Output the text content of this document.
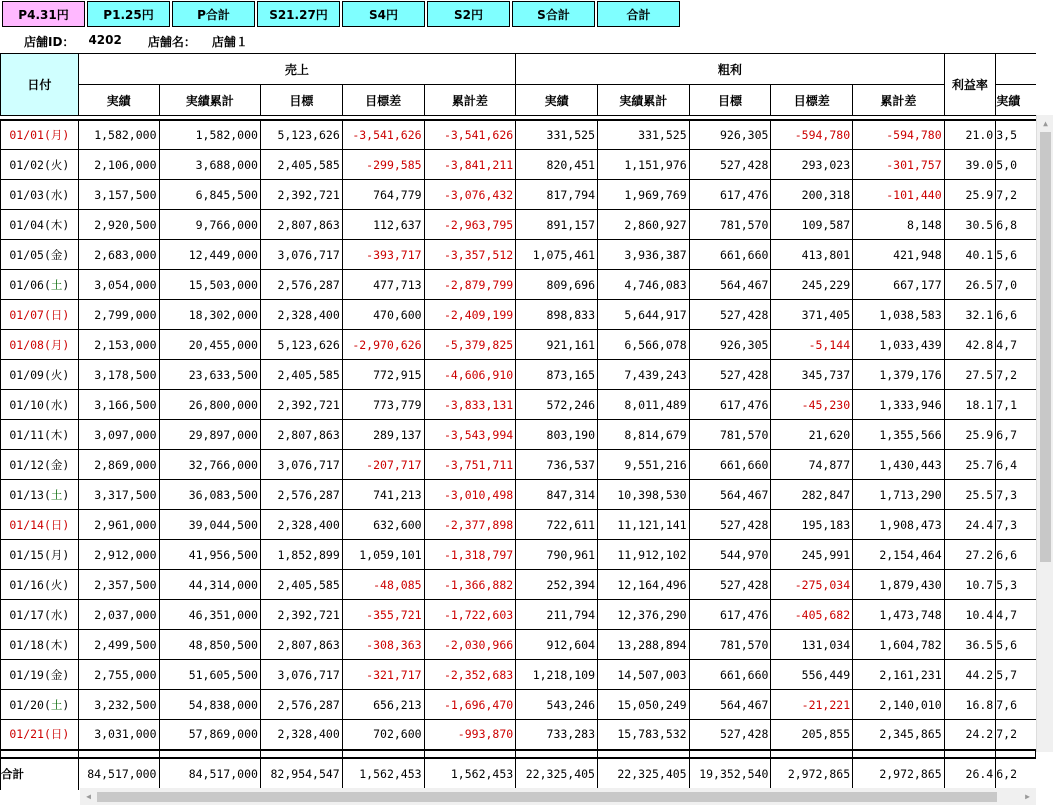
P4.31円	P1.25円	P合計	S21.27円	S4円	S2円	S合計	合計
店舗ID： 4202 店舗名： 店舗１
日付	売上					粗利					利益率	
	実績	実績累計	目標	目標差	累計差	実績	実績累計	目標	目標差	累計差		実績

01/01(月)	1,582,000	1,582,000	5,123,626	-3,541,626	-3,541,626	331,525	331,525	926,305	-594,780	-594,780	21.0	3,5
01/02(火)	2,106,000	3,688,000	2,405,585	-299,585	-3,841,211	820,451	1,151,976	527,428	293,023	-301,757	39.0	5,0
01/03(水)	3,157,500	6,845,500	2,392,721	764,779	-3,076,432	817,794	1,969,769	617,476	200,318	-101,440	25.9	7,2
01/04(木)	2,920,500	9,766,000	2,807,863	112,637	-2,963,795	891,157	2,860,927	781,570	109,587	8,148	30.5	6,8
01/05(金)	2,683,000	12,449,000	3,076,717	-393,717	-3,357,512	1,075,461	3,936,387	661,660	413,801	421,948	40.1	5,6
01/06(土)	3,054,000	15,503,000	2,576,287	477,713	-2,879,799	809,696	4,746,083	564,467	245,229	667,177	26.5	7,0
01/07(日)	2,799,000	18,302,000	2,328,400	470,600	-2,409,199	898,833	5,644,917	527,428	371,405	1,038,583	32.1	6,6
01/08(月)	2,153,000	20,455,000	5,123,626	-2,970,626	-5,379,825	921,161	6,566,078	926,305	-5,144	1,033,439	42.8	4,7
01/09(火)	3,178,500	23,633,500	2,405,585	772,915	-4,606,910	873,165	7,439,243	527,428	345,737	1,379,176	27.5	7,2
01/10(水)	3,166,500	26,800,000	2,392,721	773,779	-3,833,131	572,246	8,011,489	617,476	-45,230	1,333,946	18.1	7,1
01/11(木)	3,097,000	29,897,000	2,807,863	289,137	-3,543,994	803,190	8,814,679	781,570	21,620	1,355,566	25.9	6,7
01/12(金)	2,869,000	32,766,000	3,076,717	-207,717	-3,751,711	736,537	9,551,216	661,660	74,877	1,430,443	25.7	6,4
01/13(土)	3,317,500	36,083,500	2,576,287	741,213	-3,010,498	847,314	10,398,530	564,467	282,847	1,713,290	25.5	7,3
01/14(日)	2,961,000	39,044,500	2,328,400	632,600	-2,377,898	722,611	11,121,141	527,428	195,183	1,908,473	24.4	7,3
01/15(月)	2,912,000	41,956,500	1,852,899	1,059,101	-1,318,797	790,961	11,912,102	544,970	245,991	2,154,464	27.2	6,6
01/16(火)	2,357,500	44,314,000	2,405,585	-48,085	-1,366,882	252,394	12,164,496	527,428	-275,034	1,879,430	10.7	5,3
01/17(水)	2,037,000	46,351,000	2,392,721	-355,721	-1,722,603	211,794	12,376,290	617,476	-405,682	1,473,748	10.4	4,7
01/18(木)	2,499,500	48,850,500	2,807,863	-308,363	-2,030,966	912,604	13,288,894	781,570	131,034	1,604,782	36.5	5,6
01/19(金)	2,755,000	51,605,500	3,076,717	-321,717	-2,352,683	1,218,109	14,507,003	661,660	556,449	2,161,231	44.2	5,7
01/20(土)	3,232,500	54,838,000	2,576,287	656,213	-1,696,470	543,246	15,050,249	564,467	-21,221	2,140,010	16.8	7,6
01/21(日)	3,031,000	57,869,000	2,328,400	702,600	-993,870	733,283	15,783,532	527,428	205,855	2,345,865	24.2	7,2

合計	84,517,000	84,517,000	82,954,547	1,562,453	1,562,453	22,325,405	22,325,405	19,352,540	2,972,865	2,972,865	26.4	6,2
▲
◀	▶
